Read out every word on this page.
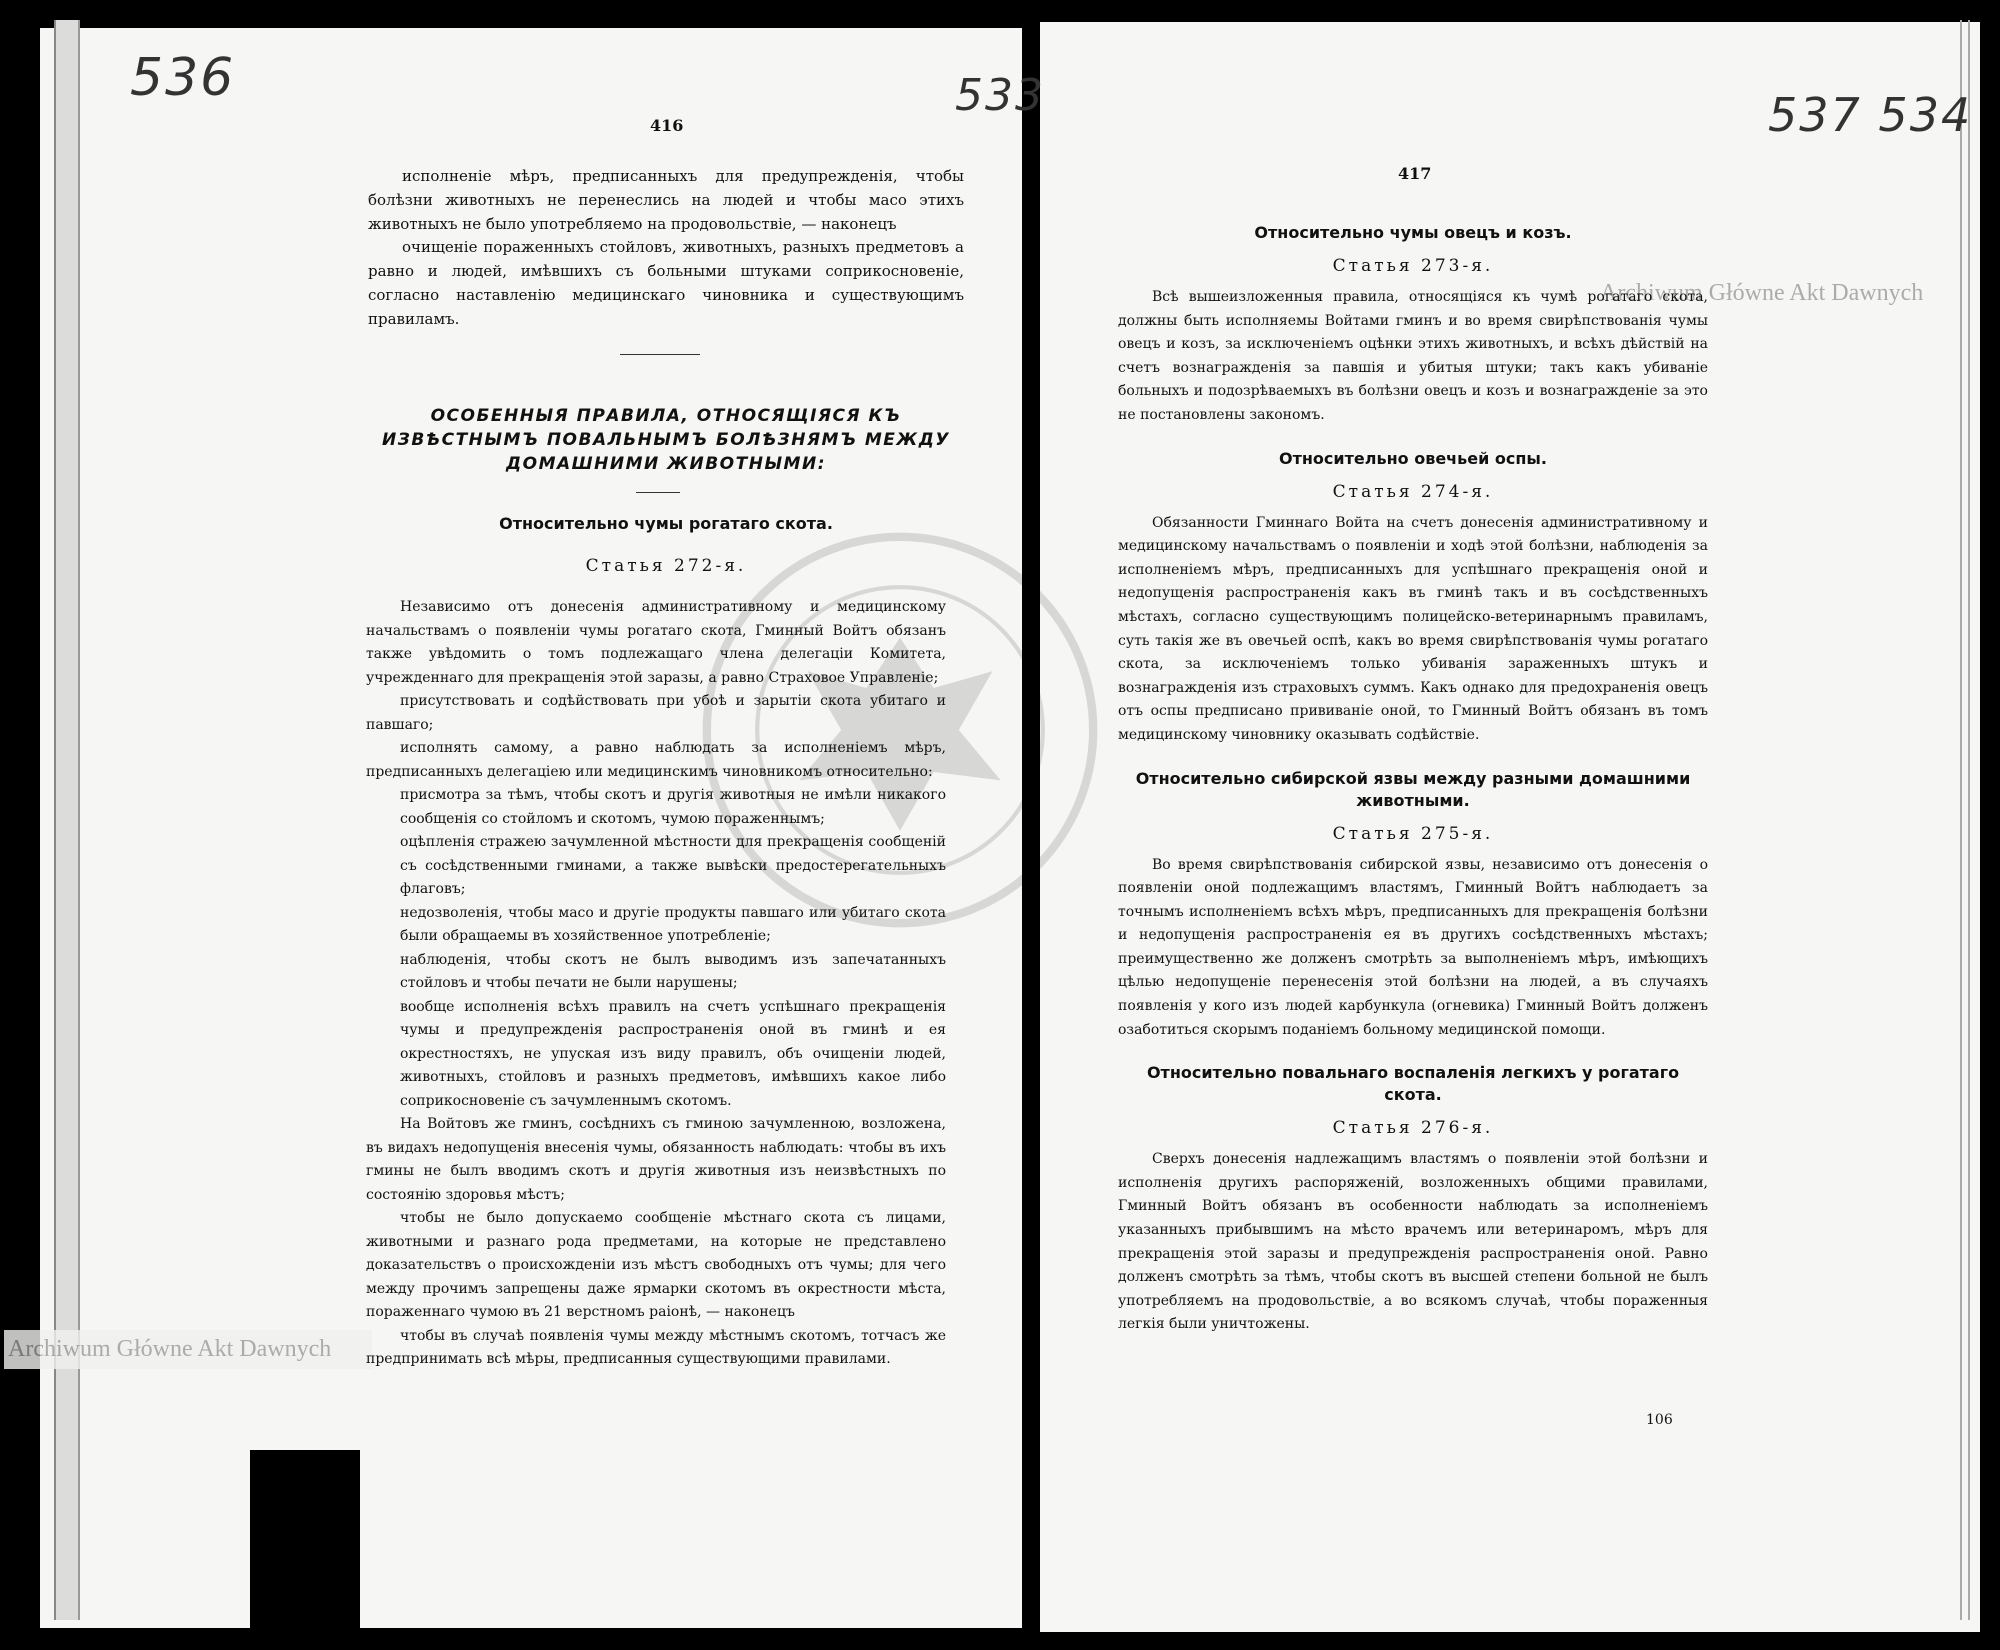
536	533	537 534
Archiwum Główne Akt Dawnych
Archiwum Główne Akt Dawnych
416

исполненіе мѣръ, предписанныхъ для предупрежденія, чтобы болѣзни животныхъ не перенеслись на людей и чтобы масо этихъ животныхъ не было употребляемо на продовольствіе, — наконецъ

очищеніе пораженныхъ стойловъ, животныхъ, разныхъ предметовъ а равно и людей, имѣвшихъ съ больными штуками соприкосновеніе, согласно наставленію медицинскаго чиновника и существующимъ правиламъ.

ОСОБЕННЫЯ ПРАВИЛА, ОТНОСЯЩІЯСЯ КЪ ИЗВѢСТНЫМЪ ПОВАЛЬНЫМЪ БОЛѢЗНЯМЪ МЕЖДУ ДОМАШНИМИ ЖИВОТНЫМИ:
Относительно чумы рогатаго скота.
Статья 272-я.

Независимо отъ донесенія административному и медицинскому начальствамъ о появленіи чумы рогатаго скота, Гминный Войтъ обязанъ также увѣдомить о томъ подлежащаго члена делегаціи Комитета, учрежденнаго для прекращенія этой заразы, а равно Страховое Управленіе;

присутствовать и содѣйствовать при убоѣ и зарытіи скота убитаго и павшаго;

исполнять самому, а равно наблюдать за исполненіемъ мѣръ, предписанныхъ делегаціею или медицинскимъ чиновникомъ относительно:

присмотра за тѣмъ, чтобы скотъ и другія животныя не имѣли никакого сообщенія со стойломъ и скотомъ, чумою пораженнымъ;

оцѣпленія стражею зачумленной мѣстности для прекращенія сообщеній съ сосѣдственными гминами, а также вывѣски предостерегательныхъ флаговъ;

недозволенія, чтобы масо и другіе продукты павшаго или убитаго скота были обращаемы въ хозяйственное употребленіе;

наблюденія, чтобы скотъ не былъ выводимъ изъ запечатанныхъ стойловъ и чтобы печати не были нарушены;

вообще исполненія всѣхъ правилъ на счетъ успѣшнаго прекращенія чумы и предупрежденія распространенія оной въ гминѣ и ея окрестностяхъ, не упуская изъ виду правилъ, объ очищеніи людей, животныхъ, стойловъ и разныхъ предметовъ, имѣвшихъ какое либо соприкосновеніе съ зачумленнымъ скотомъ.

На Войтовъ же гминъ, сосѣднихъ съ гминою зачумленною, возложена, въ видахъ недопущенія внесенія чумы, обязанность наблюдать: чтобы въ ихъ гмины не былъ вводимъ скотъ и другія животныя изъ неизвѣстныхъ по состоянію здоровья мѣстъ;

чтобы не было допускаемо сообщеніе мѣстнаго скота съ лицами, животными и разнаго рода предметами, на которые не представлено доказательствъ о происхожденіи изъ мѣстъ свободныхъ отъ чумы; для чего между прочимъ запрещены даже ярмарки скотомъ въ окрестности мѣста, пораженнаго чумою въ 21 верстномъ раіонѣ, — наконецъ

чтобы въ случаѣ появленія чумы между мѣстнымъ скотомъ, тотчасъ же предпринимать всѣ мѣры, предписанныя существующими правилами.

417
Относительно чумы овецъ и козъ.
Статья 273-я.

Всѣ вышеизложенныя правила, относящіяся къ чумѣ рогатаго скота, должны быть исполняемы Войтами гминъ и во время свирѣпствованія чумы овецъ и козъ, за исключеніемъ оцѣнки этихъ животныхъ, и всѣхъ дѣйствій на счетъ вознагражденія за павшія и убитыя штуки; такъ какъ убиваніе больныхъ и подозрѣваемыхъ въ болѣзни овецъ и козъ и вознагражденіе за это не постановлены закономъ.

Относительно овечьей оспы.
Статья 274-я.

Обязанности Гминнаго Войта на счетъ донесенія административному и медицинскому начальствамъ о появленіи и ходѣ этой болѣзни, наблюденія за исполненіемъ мѣръ, предписанныхъ для успѣшнаго прекращенія оной и недопущенія распространенія какъ въ гминѣ такъ и въ сосѣдственныхъ мѣстахъ, согласно существующимъ полицейско-ветеринарнымъ правиламъ, суть такія же въ овечьей оспѣ, какъ во время свирѣпствованія чумы рогатаго скота, за исключеніемъ только убиванія зараженныхъ штукъ и вознагражденія изъ страховыхъ суммъ. Какъ однако для предохраненія овецъ отъ оспы предписано прививаніе оной, то Гминный Войтъ обязанъ въ томъ медицинскому чиновнику оказывать содѣйствіе.

Относительно сибирской язвы между разными домашними животными.
Статья 275-я.

Во время свирѣпствованія сибирской язвы, независимо отъ донесенія о появленіи оной подлежащимъ властямъ, Гминный Войтъ наблюдаетъ за точнымъ исполненіемъ всѣхъ мѣръ, предписанныхъ для прекращенія болѣзни и недопущенія распространенія ея въ другихъ сосѣдственныхъ мѣстахъ; преимущественно же долженъ смотрѣть за выполненіемъ мѣръ, имѣющихъ цѣлью недопущеніе перенесенія этой болѣзни на людей, а въ случаяхъ появленія у кого изъ людей карбункула (огневика) Гминный Войтъ долженъ озаботиться скорымъ поданіемъ больному медицинской помощи.

Относительно повальнаго воспаленія легкихъ у рогатаго скота.
Статья 276-я.

Сверхъ донесенія надлежащимъ властямъ о появленіи этой болѣзни и исполненія другихъ распоряженій, возложенныхъ общими правилами, Гминный Войтъ обязанъ въ особенности наблюдать за исполненіемъ указанныхъ прибывшимъ на мѣсто врачемъ или ветеринаромъ, мѣръ для прекращенія этой заразы и предупрежденія распространенія оной. Равно долженъ смотрѣть за тѣмъ, чтобы скотъ въ высшей степени больной не былъ употребляемъ на продовольствіе, а во всякомъ случаѣ, чтобы пораженныя легкія были уничтожены.

106
